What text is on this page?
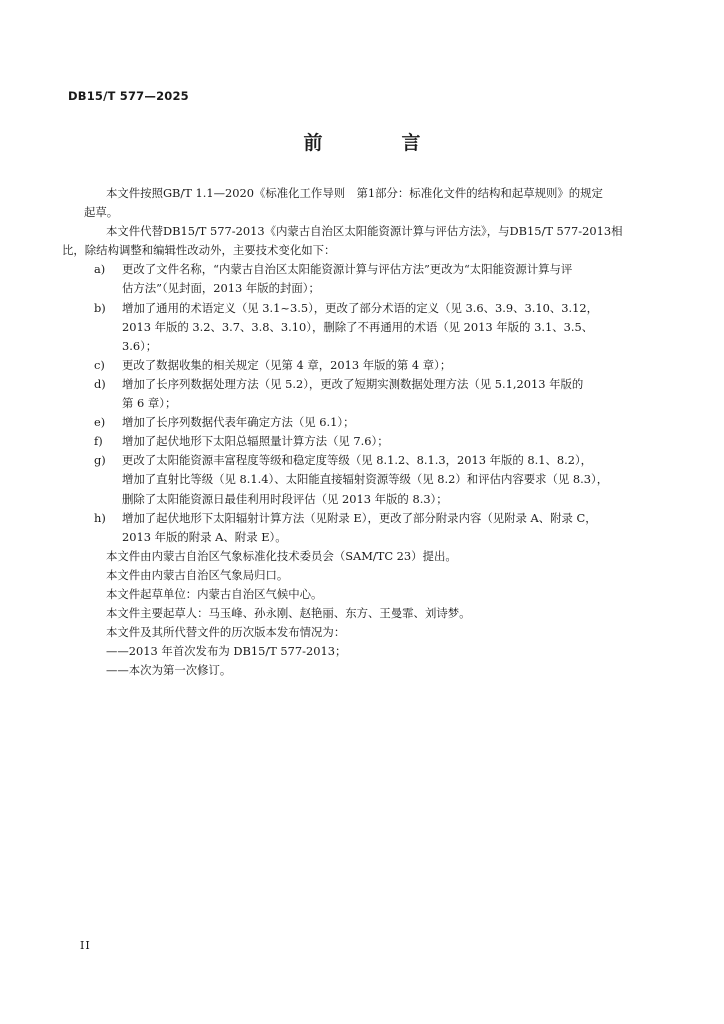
DB15/T 577—2025
前　言

本文件按照GB/T 1.1—2020《标准化工作导则　第1部分：标准化文件的结构和起草规则》的规定
起草。

本文件代替DB15/T 577-2013《内蒙古自治区太阳能资源计算与评估方法》，与DB15/T 577-2013相
比，除结构调整和编辑性改动外，主要技术变化如下：

a) 更改了文件名称，“内蒙古自治区太阳能资源计算与评估方法”更改为“太阳能资源计算与评
估方法”（见封面，2013 年版的封面）；
b) 增加了通用的术语定义（见 3.1~3.5），更改了部分术语的定义（见 3.6、3.9、3.10、3.12，
2013 年版的 3.2、3.7、3.8、3.10），删除了不再通用的术语（见 2013 年版的 3.1、3.5、
3.6）；
c) 更改了数据收集的相关规定（见第 4 章，2013 年版的第 4 章）；
d) 增加了长序列数据处理方法（见 5.2），更改了短期实测数据处理方法（见 5.1,2013 年版的
第 6 章）；
e) 增加了长序列数据代表年确定方法（见 6.1）；
f) 增加了起伏地形下太阳总辐照量计算方法（见 7.6）；
g) 更改了太阳能资源丰富程度等级和稳定度等级（见 8.1.2、8.1.3，2013 年版的 8.1、8.2），
增加了直射比等级（见 8.1.4）、太阳能直接辐射资源等级（见 8.2）和评估内容要求（见 8.3），
删除了太阳能资源日最佳利用时段评估（见 2013 年版的 8.3）；
h) 增加了起伏地形下太阳辐射计算方法（见附录 E），更改了部分附录内容（见附录 A、附录 C，
2013 年版的附录 A、附录 E）。

本文件由内蒙古自治区气象标准化技术委员会（SAM/TC 23）提出。

本文件由内蒙古自治区气象局归口。

本文件起草单位：内蒙古自治区气候中心。

本文件主要起草人：马玉峰、孙永刚、赵艳丽、东方、王曼霏、刘诗梦。

本文件及其所代替文件的历次版本发布情况为：

——2013 年首次发布为 DB15/T 577-2013；

——本次为第一次修订。

II
